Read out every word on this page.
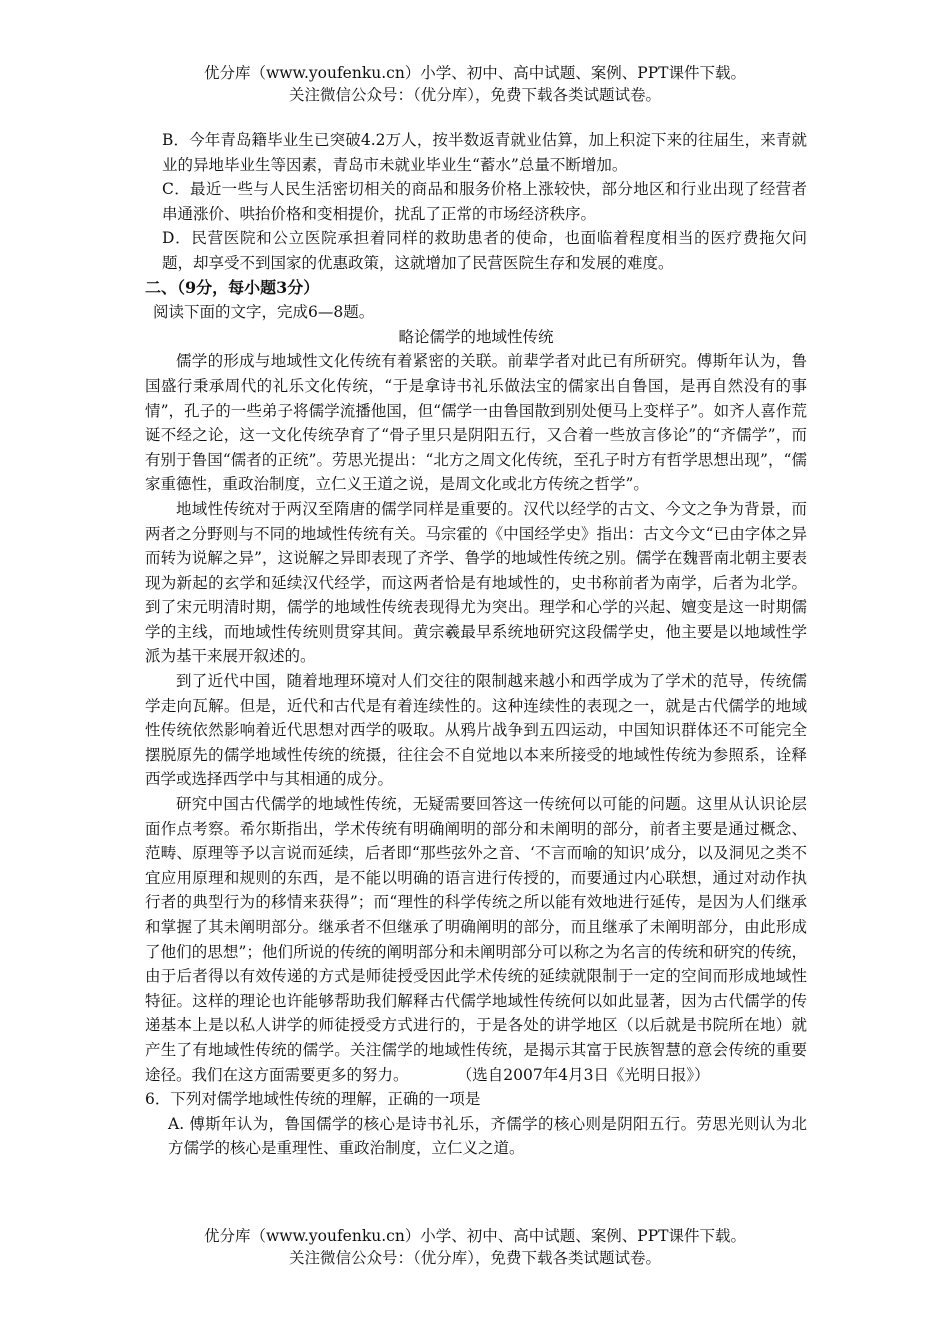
优分库（www.youfenku.cn）小学、初中、高中试题、案例、PPT课件下载。

关注微信公众号：（优分库），免费下载各类试题试卷。

B．今年青岛籍毕业生已突破4.2万人，按半数返青就业估算，加上积淀下来的往届生，来青就业的异地毕业生等因素，青岛市未就业毕业生“蓄水”总量不断增加。

C．最近一些与人民生活密切相关的商品和服务价格上涨较快，部分地区和行业出现了经营者串通涨价、哄抬价格和变相提价，扰乱了正常的市场经济秩序。

D．民营医院和公立医院承担着同样的救助患者的使命，也面临着程度相当的医疗费拖欠问题，却享受不到国家的优惠政策，这就增加了民营医院生存和发展的难度。

二、（9分，每小题3分）

阅读下面的文字，完成6—8题。

略论儒学的地域性传统

儒学的形成与地域性文化传统有着紧密的关联。前辈学者对此已有所研究。傅斯年认为，鲁国盛行秉承周代的礼乐文化传统，“于是拿诗书礼乐做法宝的儒家出自鲁国，是再自然没有的事情”，孔子的一些弟子将儒学流播他国，但“儒学一由鲁国散到别处便马上变样子”。如齐人喜作荒诞不经之论，这一文化传统孕育了“骨子里只是阴阳五行，又合着一些放言侈论”的“齐儒学”，而有别于鲁国“儒者的正统”。劳思光提出：“北方之周文化传统，至孔子时方有哲学思想出现”，“儒家重德性，重政治制度，立仁义王道之说，是周文化或北方传统之哲学”。

地域性传统对于两汉至隋唐的儒学同样是重要的。汉代以经学的古文、今文之争为背景，而两者之分野则与不同的地域性传统有关。马宗霍的《中国经学史》指出：古文今文“已由字体之异而转为说解之异”，这说解之异即表现了齐学、鲁学的地域性传统之别。儒学在魏晋南北朝主要表现为新起的玄学和延续汉代经学，而这两者恰是有地域性的，史书称前者为南学，后者为北学。到了宋元明清时期，儒学的地域性传统表现得尤为突出。理学和心学的兴起、嬗变是这一时期儒学的主线，而地域性传统则贯穿其间。黄宗羲最早系统地研究这段儒学史，他主要是以地域性学派为基干来展开叙述的。

到了近代中国，随着地理环境对人们交往的限制越来越小和西学成为了学术的范导，传统儒学走向瓦解。但是，近代和古代是有着连续性的。这种连续性的表现之一，就是古代儒学的地域性传统依然影响着近代思想对西学的吸取。从鸦片战争到五四运动，中国知识群体还不可能完全摆脱原先的儒学地域性传统的统摄，往往会不自觉地以本来所接受的地域性传统为参照系，诠释西学或选择西学中与其相通的成分。

研究中国古代儒学的地域性传统，无疑需要回答这一传统何以可能的问题。这里从认识论层面作点考察。希尔斯指出，学术传统有明确阐明的部分和未阐明的部分，前者主要是通过概念、范畴、原理等予以言说而延续，后者即“那些弦外之音、‘不言而喻的知识’成分，以及洞见之类不宜应用原理和规则的东西，是不能以明确的语言进行传授的，而要通过内心联想，通过对动作执行者的典型行为的移情来获得”；而“理性的科学传统之所以能有效地进行延传，是因为人们继承和掌握了其未阐明部分。继承者不但继承了明确阐明的部分，而且继承了未阐明部分，由此形成了他们的思想”；他们所说的传统的阐明部分和未阐明部分可以称之为名言的传统和研究的传统，由于后者得以有效传递的方式是师徒授受因此学术传统的延续就限制于一定的空间而形成地域性特征。这样的理论也许能够帮助我们解释古代儒学地域性传统何以如此显著，因为古代儒学的传递基本上是以私人讲学的师徒授受方式进行的，于是各处的讲学地区（以后就是书院所在地）就产生了有地域性传统的儒学。关注儒学的地域性传统，是揭示其富于民族智慧的意会传统的重要途径。我们在这方面需要更多的努力。	（选自2007年4月3日《光明日报》）

6．下列对儒学地域性传统的理解，正确的一项是

A. 傅斯年认为，鲁国儒学的核心是诗书礼乐，齐儒学的核心则是阴阳五行。劳思光则认为北方儒学的核心是重理性、重政治制度，立仁义之道。

优分库（www.youfenku.cn）小学、初中、高中试题、案例、PPT课件下载。

关注微信公众号：（优分库），免费下载各类试题试卷。
